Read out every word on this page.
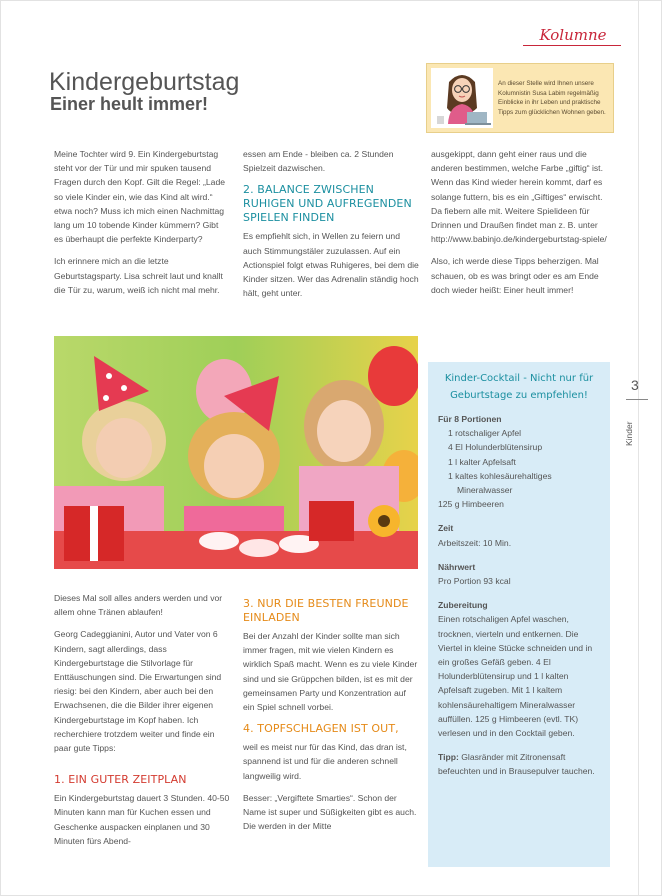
Kolumne
Kindergeburtstag
Einer heult immer!
An dieser Stelle wird Ihnen unsere Kolumnistin Susa Labim regelmäßig Einblicke in ihr Leben und praktische Tipps zum glücklichen Wohnen geben.

Meine Tochter wird 9. Ein Kindergeburtstag steht vor der Tür und mir spuken tausend Fragen durch den Kopf. Gilt die Regel: „Lade so viele Kinder ein, wie das Kind alt wird.“ etwa noch? Muss ich mich einen Nachmittag lang um 10 tobende Kinder kümmern? Gibt es überhaupt die perfekte Kinderparty?

Ich erinnere mich an die letzte Geburtstagsparty. Lisa schreit laut und knallt die Tür zu, warum, weiß ich nicht mal mehr.

essen am Ende - bleiben ca. 2 Stunden Spielzeit dazwischen.

2. BALANCE ZWISCHEN RUHIGEN UND AUFREGENDEN SPIELEN FINDEN

Es empfiehlt sich, in Wellen zu feiern und auch Stimmungstäler zuzulassen. Auf ein Actionspiel folgt etwas Ruhigeres, bei dem die Kinder sitzen. Wer das Adrenalin ständig hoch hält, geht unter.

ausgekippt, dann geht einer raus und die anderen bestimmen, welche Farbe „giftig“ ist. Wenn das Kind wieder herein kommt, darf es solange futtern, bis es ein „Giftiges“ erwischt. Da fiebern alle mit. Weitere Spielideen für Drinnen und Draußen findet man z. B. unter http://www.babinjo.de/kindergeburtstag-spiele/

Also, ich werde diese Tipps beherzigen. Mal schauen, ob es was bringt oder es am Ende doch wieder heißt: Einer heult immer!

Dieses Mal soll alles anders werden und vor allem ohne Tränen ablaufen!

Georg Cadeggianini, Autor und Vater von 6 Kindern, sagt allerdings, dass Kindergeburtstage die Stilvorlage für Enttäuschungen sind. Die Erwartungen sind riesig: bei den Kindern, aber auch bei den Erwachsenen, die die Bilder ihrer eigenen Kindergeburtstage im Kopf haben. Ich recherchiere trotzdem weiter und finde ein paar gute Tipps:

1. EIN GUTER ZEITPLAN

Ein Kindergeburtstag dauert 3 Stunden. 40-50 Minuten kann man für Kuchen essen und Geschenke auspacken einplanen und 30 Minuten fürs Abend-

3. NUR DIE BESTEN FREUNDE EINLADEN

Bei der Anzahl der Kinder sollte man sich immer fragen, mit wie vielen Kindern es wirklich Spaß macht. Wenn es zu viele Kinder sind und sie Grüppchen bilden, ist es mit der gemeinsamen Party und Konzentration auf ein Spiel schnell vorbei.

4. TOPFSCHLAGEN IST OUT,

weil es meist nur für das Kind, das dran ist, spannend ist und für die anderen schnell langweilig wird.

Besser: „Vergiftete Smarties“. Schon der Name ist super und Süßigkeiten gibt es auch. Die werden in der Mitte

Kinder-Cocktail - Nicht nur für Geburtstage zu empfehlen!
Für 8 Portionen
1 rotschaliger Apfel
4 El Holunderblütensirup
1 l kalter Apfelsaft
1 kaltes kohlesäurehaltiges
Mineralwasser
125 g Himbeeren
Zeit
Arbeitszeit: 10 Min.
Nährwert
Pro Portion 93 kcal
Zubereitung
Einen rotschaligen Apfel waschen, trocknen, vierteln und entkernen. Die Viertel in kleine Stücke schneiden und in ein großes Gefäß geben. 4 El Holunderblütensirup und 1 l kalten Apfelsaft zugeben. Mit 1 l kaltem kohlensäurehaltigem Mineralwasser auffüllen. 125 g Himbeeren (evtl. TK) verlesen und in den Cocktail geben.
Tipp: Glasränder mit Zitronensaft befeuchten und in Brausepulver tauchen.
3
Kinder
